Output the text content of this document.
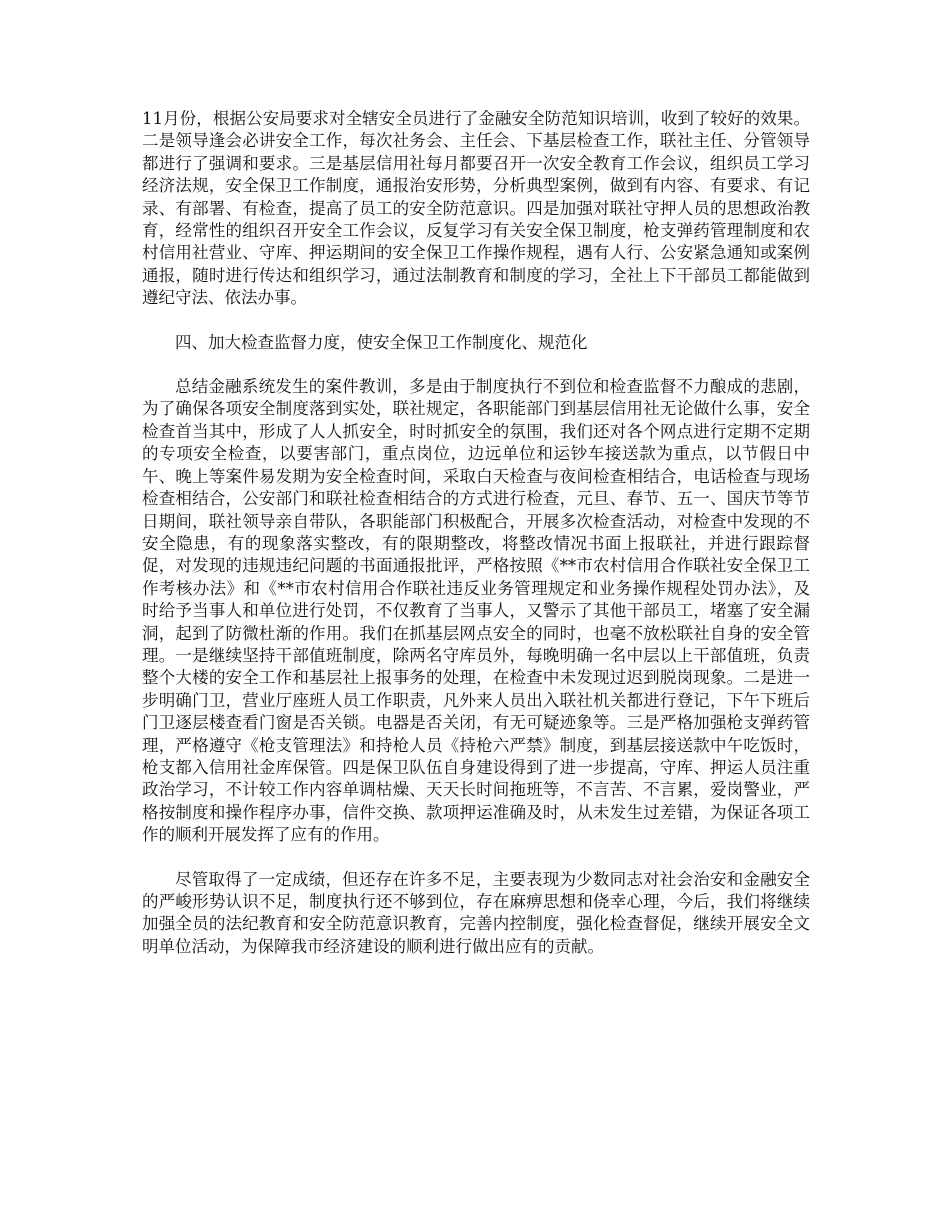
11月份，根据公安局要求对全辖安全员进行了金融安全防范知识培训，收到了较好的效果。二是领导逢会必讲安全工作，每次社务会、主任会、下基层检查工作，联社主任、分管领导都进行了强调和要求。三是基层信用社每月都要召开一次安全教育工作会议，组织员工学习经济法规，安全保卫工作制度，通报治安形势，分析典型案例，做到有内容、有要求、有记录、有部署、有检查，提高了员工的安全防范意识。四是加强对联社守押人员的思想政治教育，经常性的组织召开安全工作会议，反复学习有关安全保卫制度，枪支弹药管理制度和农村信用社营业、守库、押运期间的安全保卫工作操作规程，遇有人行、公安紧急通知或案例通报，随时进行传达和组织学习，通过法制教育和制度的学习，全社上下干部员工都能做到遵纪守法、依法办事。

四、加大检查监督力度，使安全保卫工作制度化、规范化

总结金融系统发生的案件教训，多是由于制度执行不到位和检查监督不力酿成的悲剧，为了确保各项安全制度落到实处，联社规定，各职能部门到基层信用社无论做什么事，安全检查首当其中，形成了人人抓安全，时时抓安全的氛围，我们还对各个网点进行定期不定期的专项安全检查，以要害部门，重点岗位，边远单位和运钞车接送款为重点，以节假日中午、晚上等案件易发期为安全检查时间，采取白天检查与夜间检查相结合，电话检查与现场检查相结合，公安部门和联社检查相结合的方式进行检查，元旦、春节、五一、国庆节等节日期间，联社领导亲自带队，各职能部门积极配合，开展多次检查活动，对检查中发现的不安全隐患，有的现象落实整改，有的限期整改，将整改情况书面上报联社，并进行跟踪督促，对发现的违规违纪问题的书面通报批评，严格按照《**市农村信用合作联社安全保卫工作考核办法》和《**市农村信用合作联社违反业务管理规定和业务操作规程处罚办法》，及时给予当事人和单位进行处罚，不仅教育了当事人，又警示了其他干部员工，堵塞了安全漏洞，起到了防微杜渐的作用。我们在抓基层网点安全的同时，也毫不放松联社自身的安全管理。一是继续坚持干部值班制度，除两名守库员外，每晚明确一名中层以上干部值班，负责整个大楼的安全工作和基层社上报事务的处理，在检查中未发现过迟到脱岗现象。二是进一步明确门卫，营业厅座班人员工作职责，凡外来人员出入联社机关都进行登记，下午下班后门卫逐层楼查看门窗是否关锁。电器是否关闭，有无可疑迹象等。三是严格加强枪支弹药管理，严格遵守《枪支管理法》和持枪人员《持枪六严禁》制度，到基层接送款中午吃饭时，枪支都入信用社金库保管。四是保卫队伍自身建设得到了进一步提高，守库、押运人员注重政治学习，不计较工作内容单调枯燥、天天长时间拖班等，不言苦、不言累，爱岗警业，严格按制度和操作程序办事，信件交换、款项押运准确及时，从未发生过差错，为保证各项工作的顺利开展发挥了应有的作用。

尽管取得了一定成绩，但还存在许多不足，主要表现为少数同志对社会治安和金融安全的严峻形势认识不足，制度执行还不够到位，存在麻痹思想和侥幸心理，今后，我们将继续加强全员的法纪教育和安全防范意识教育，完善内控制度，强化检查督促，继续开展安全文明单位活动，为保障我市经济建设的顺利进行做出应有的贡献。
